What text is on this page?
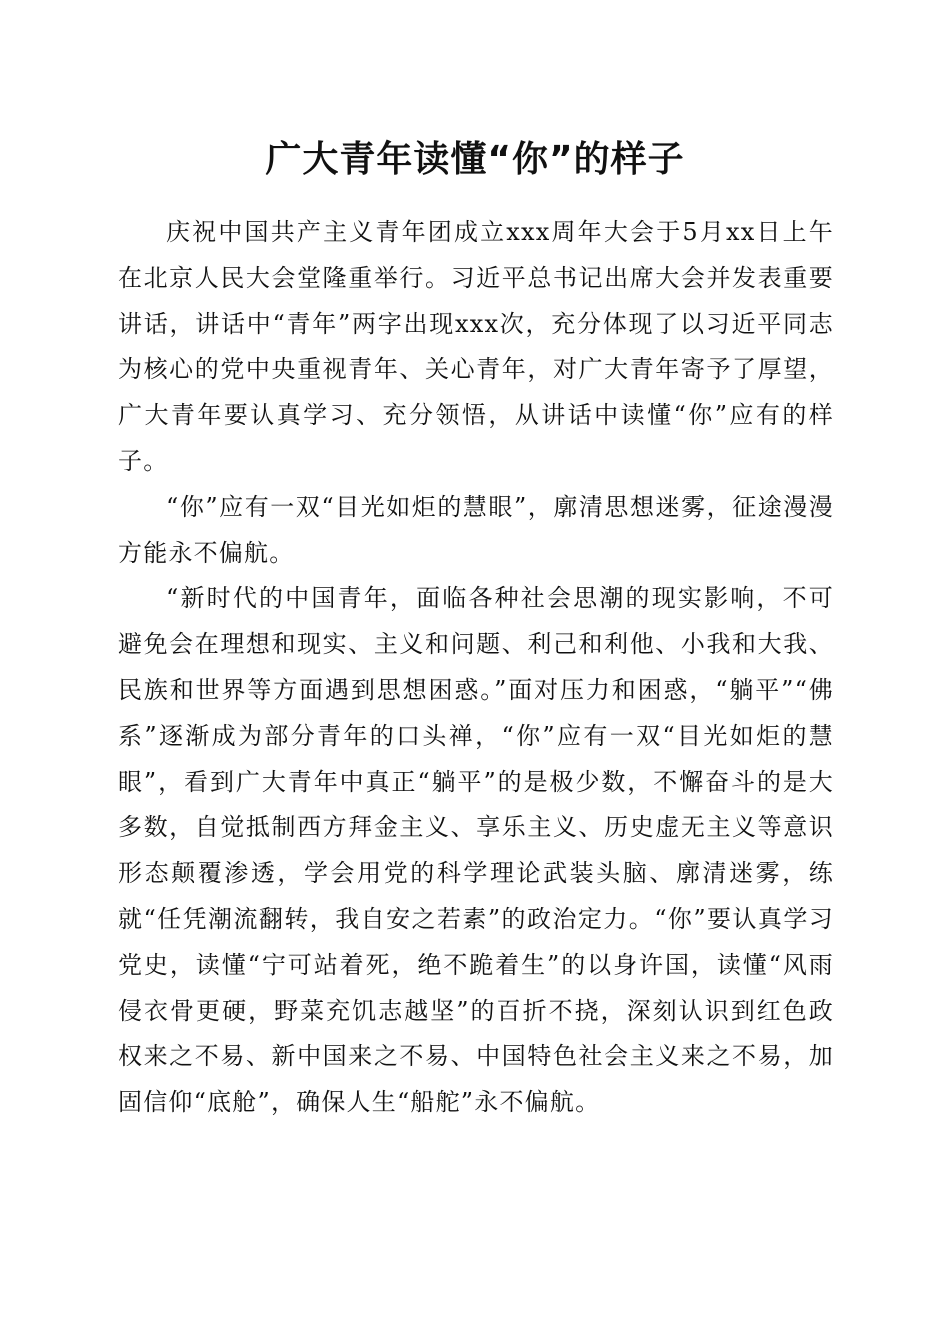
广大青年读懂“你”的样子

庆祝中国共产主义青年团成立xxx周年大会于5月xx日上午在北京人民大会堂隆重举行。习近平总书记出席大会并发表重要讲话，讲话中“青年”两字出现xxx次，充分体现了以习近平同志为核心的党中央重视青年、关心青年，对广大青年寄予了厚望，广大青年要认真学习、充分领悟，从讲话中读懂“你”应有的样子。

“你”应有一双“目光如炬的慧眼”，廓清思想迷雾，征途漫漫方能永不偏航。

“新时代的中国青年，面临各种社会思潮的现实影响，不可避免会在理想和现实、主义和问题、利己和利他、小我和大我、民族和世界等方面遇到思想困惑。”面对压力和困惑，“躺平”“佛系”逐渐成为部分青年的口头禅，“你”应有一双“目光如炬的慧眼”，看到广大青年中真正“躺平”的是极少数，不懈奋斗的是大多数，自觉抵制西方拜金主义、享乐主义、历史虚无主义等意识形态颠覆渗透，学会用党的科学理论武装头脑、廓清迷雾，练就“任凭潮流翻转，我自安之若素”的政治定力。“你”要认真学习党史，读懂“宁可站着死，绝不跪着生”的以身许国，读懂“风雨侵衣骨更硬，野菜充饥志越坚”的百折不挠，深刻认识到红色政权来之不易、新中国来之不易、中国特色社会主义来之不易，加固信仰“底舱”，确保人生“船舵”永不偏航。
